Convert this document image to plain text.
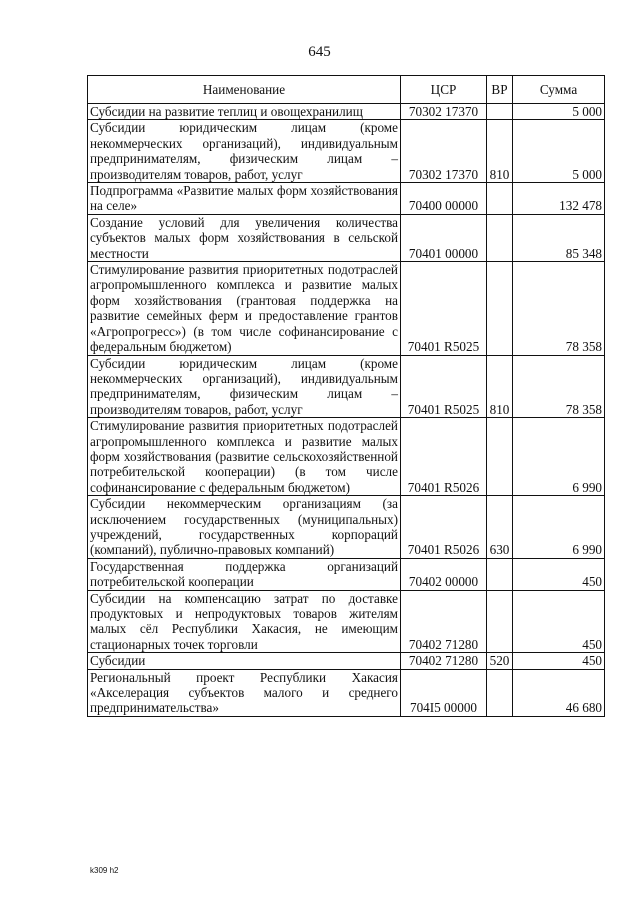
645
Наименование	ЦСР	ВР	Сумма
Субсидии на развитие теплиц и овощехранилищ	70302 17370		5 000
Субсидии юридическим лицам (кроме некоммерческих организаций), индивидуальным предпринимателям, физическим лицам – производителям товаров, работ, услуг	70302 17370	810	5 000
Подпрограмма «Развитие малых форм хозяйствования на селе»	70400 00000		132 478
Создание условий для увеличения количества субъектов малых форм хозяйствования в сельской местности	70401 00000		85 348
Стимулирование развития приоритетных подотраслей агропромышленного комплекса и развитие малых форм хозяйствования (грантовая поддержка на развитие семейных ферм и предоставление грантов «Агропрогресс») (в том числе софинансирование с федеральным бюджетом)	70401 R5025		78 358
Субсидии юридическим лицам (кроме некоммерческих организаций), индивидуальным предпринимателям, физическим лицам – производителям товаров, работ, услуг	70401 R5025	810	78 358
Стимулирование развития приоритетных подотраслей агропромышленного комплекса и развитие малых форм хозяйствования (развитие сельскохозяйственной потребительской кооперации) (в том числе софинансирование с федеральным бюджетом)	70401 R5026		6 990
Субсидии некоммерческим организациям (за исключением государственных (муниципальных) учреждений, государственных корпораций (компаний), публично-правовых компаний)	70401 R5026	630	6 990
Государственная поддержка организаций потребительской кооперации	70402 00000		450
Субсидии на компенсацию затрат по доставке продуктовых и непродуктовых товаров жителям малых сёл Республики Хакасия, не имеющим стационарных точек торговли	70402 71280		450
Субсидии	70402 71280	520	450
Региональный проект Республики Хакасия «Акселерация субъектов малого и среднего предпринимательства»	704I5 00000		46 680
k309 h2
